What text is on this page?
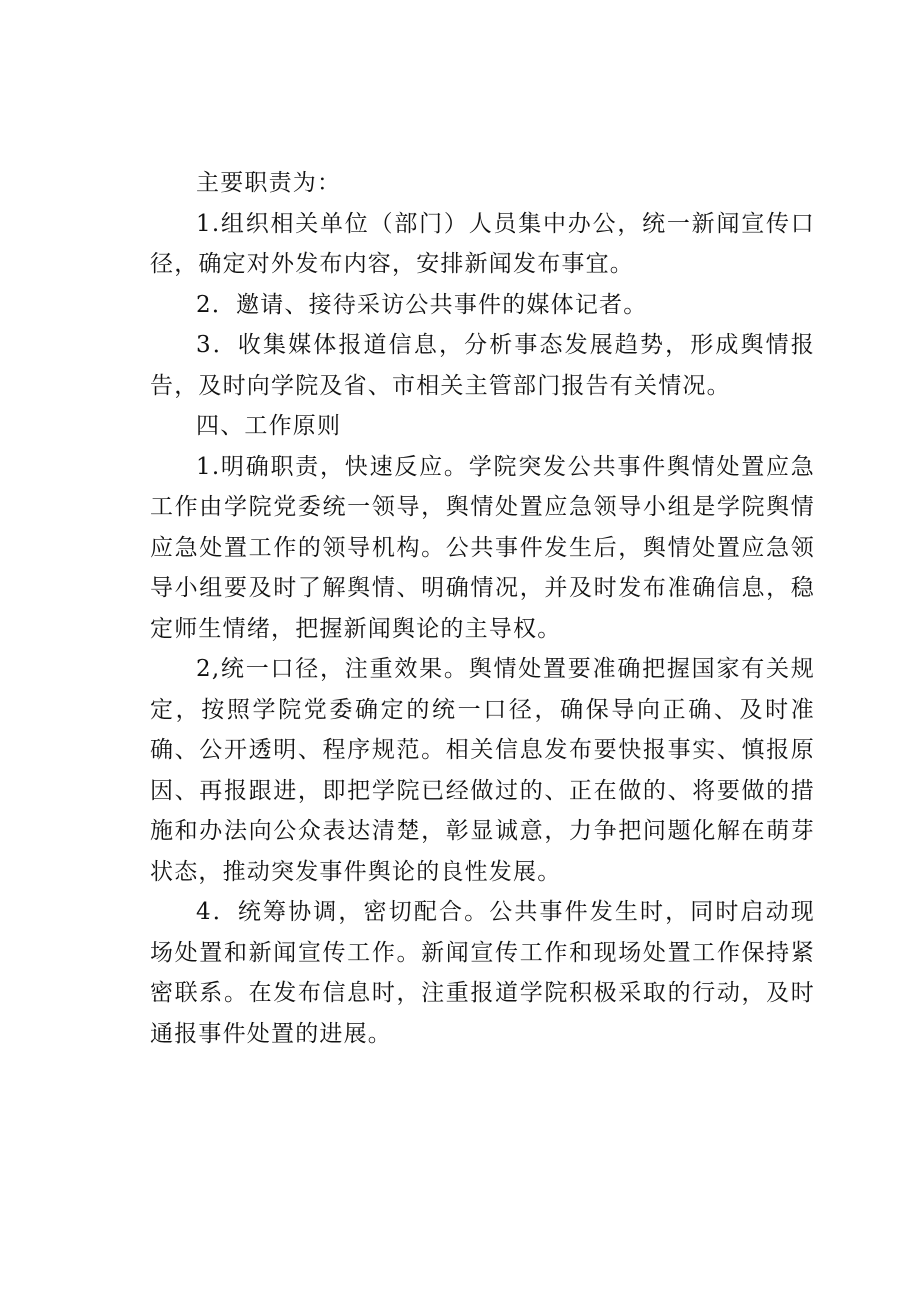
主要职责为：

1.组织相关单位（部门）人员集中办公，统一新闻宣传口径，确定对外发布内容，安排新闻发布事宜。

2．邀请、接待采访公共事件的媒体记者。

3．收集媒体报道信息，分析事态发展趋势，形成舆情报告，及时向学院及省、市相关主管部门报告有关情况。

四、工作原则

1.明确职责，快速反应。学院突发公共事件舆情处置应急工作由学院党委统一领导，舆情处置应急领导小组是学院舆情应急处置工作的领导机构。公共事件发生后，舆情处置应急领导小组要及时了解舆情、明确情况，并及时发布准确信息，稳定师生情绪，把握新闻舆论的主导权。

2,统一口径，注重效果。舆情处置要准确把握国家有关规定，按照学院党委确定的统一口径，确保导向正确、及时准确、公开透明、程序规范。相关信息发布要快报事实、慎报原因、再报跟进，即把学院已经做过的、正在做的、将要做的措施和办法向公众表达清楚，彰显诚意，力争把问题化解在萌芽状态，推动突发事件舆论的良性发展。

4．统筹协调，密切配合。公共事件发生时，同时启动现场处置和新闻宣传工作。新闻宣传工作和现场处置工作保持紧密联系。在发布信息时，注重报道学院积极采取的行动，及时通报事件处置的进展。
